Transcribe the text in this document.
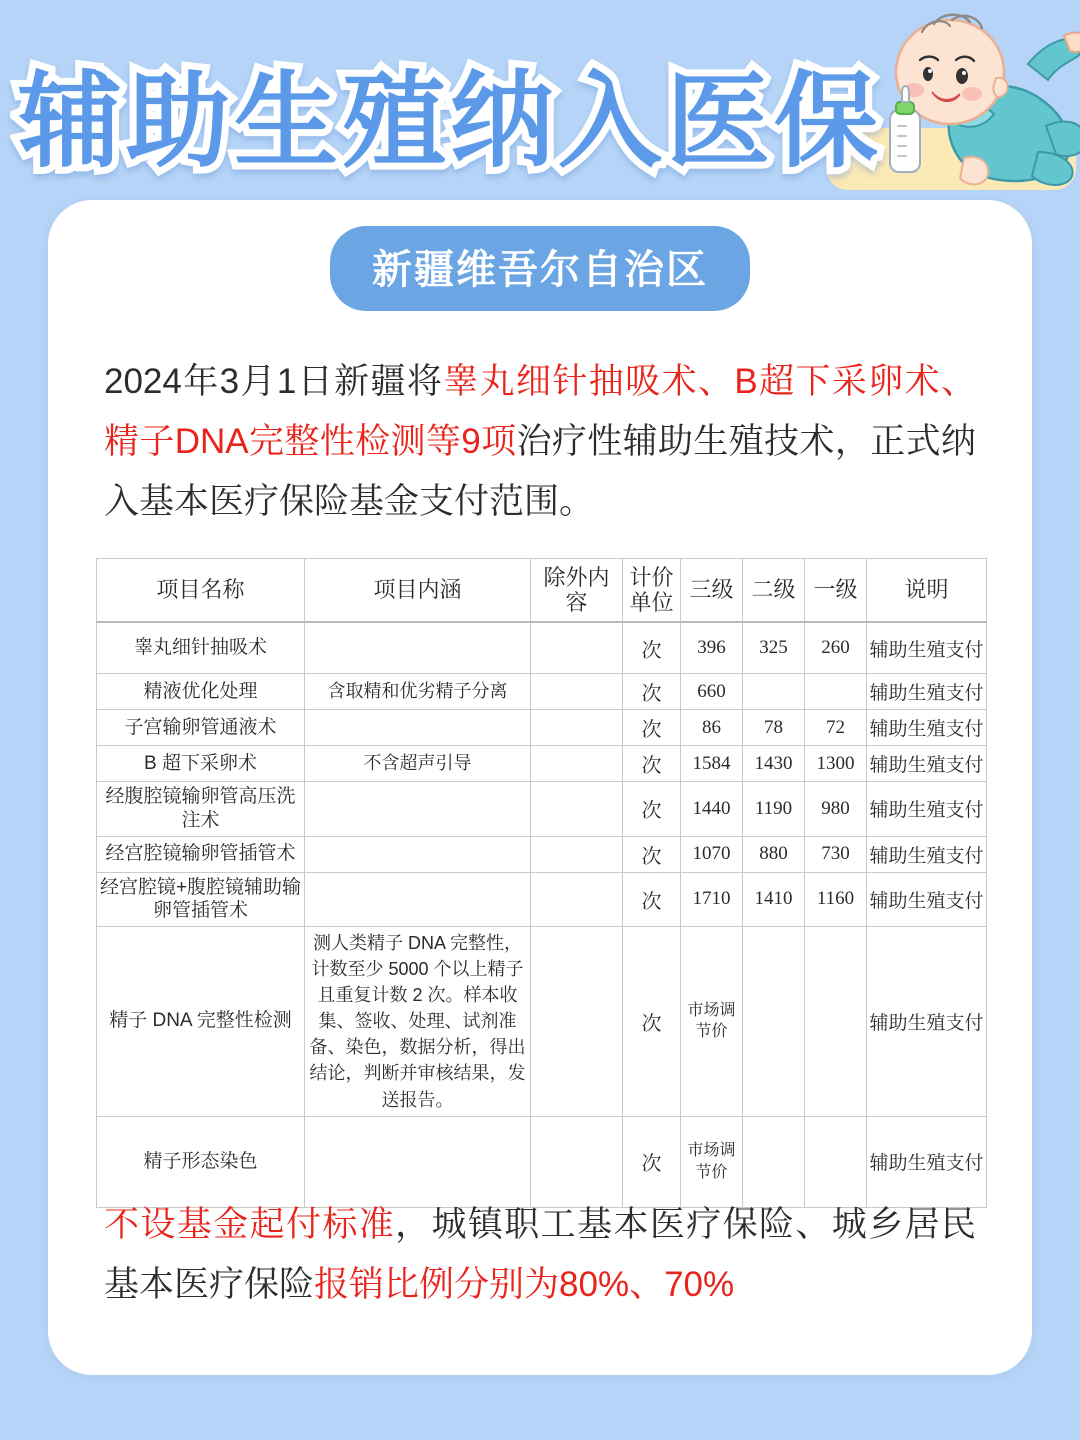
辅助生殖纳入医保
新疆维吾尔自治区
2024年3月1日新疆将睾丸细针抽吸术、B超下采卵术、精子DNA完整性检测等9项治疗性辅助生殖技术，正式纳入基本医疗保险基金支付范围。
项目名称	项目内涵	除外内容	计价单位	三级	二级	一级	说明
睾丸细针抽吸术			次	396	325	260	辅助生殖支付
精液优化处理	含取精和优劣精子分离		次	660			辅助生殖支付
子宫输卵管通液术			次	86	78	72	辅助生殖支付
B 超下采卵术	不含超声引导		次	1584	1430	1300	辅助生殖支付
经腹腔镜输卵管高压洗注术			次	1440	1190	980	辅助生殖支付
经宫腔镜输卵管插管术			次	1070	880	730	辅助生殖支付
经宫腔镜+腹腔镜辅助输卵管插管术			次	1710	1410	1160	辅助生殖支付
精子 DNA 完整性检测	测人类精子 DNA 完整性，计数至少 5000 个以上精子且重复计数 2 次。样本收集、签收、处理、试剂准备、染色，数据分析，得出结论，判断并审核结果，发送报告。		次	市场调节价			辅助生殖支付
精子形态染色			次	市场调节价			辅助生殖支付
不设基金起付标准，城镇职工基本医疗保险、城乡居民基本医疗保险报销比例分别为80%、70%
